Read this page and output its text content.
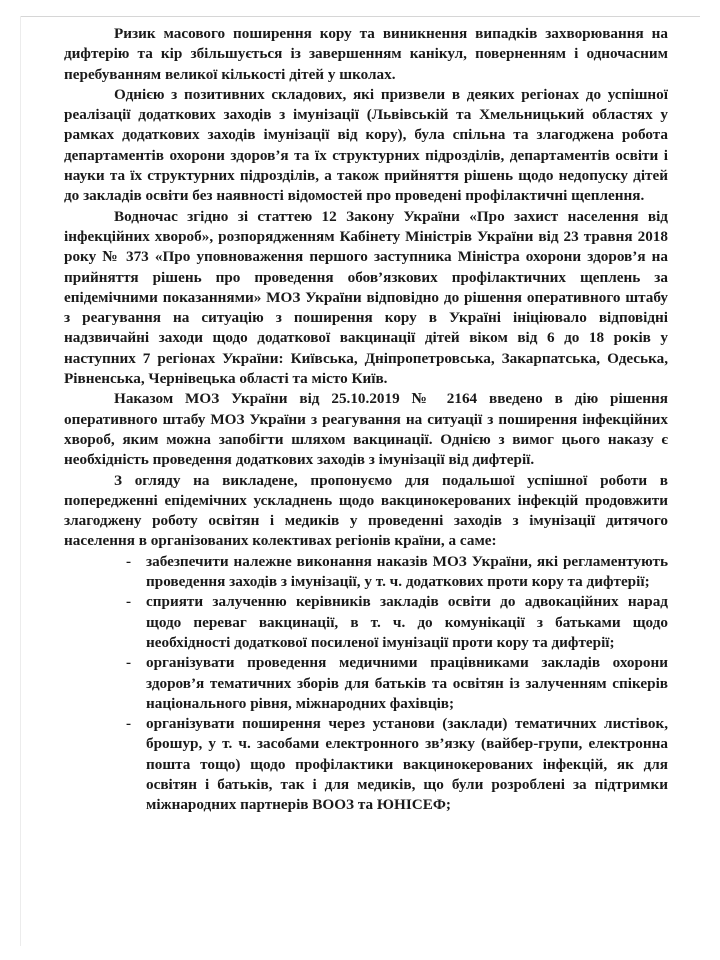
Ризик масового поширення кору та виникнення випадків захворювання на дифтерію та кір збільшується із завершенням канікул, поверненням і одночасним перебуванням великої кількості дітей у школах.

Однією з позитивних складових, які призвели в деяких регіонах до успішної реалізації додаткових заходів з імунізації (Львівській та Хмельницький областях у рамках додаткових заходів імунізації від кору), була спільна та злагоджена робота департаментів охорони здоров’я та їх структурних підрозділів, департаментів освіти і науки та їх структурних підрозділів, а також прийняття рішень щодо недопуску дітей до закладів освіти без наявності відомостей про проведені профілактичні щеплення.

Водночас згідно зі статтею 12 Закону України «Про захист населення від інфекційних хвороб», розпорядженням Кабінету Міністрів України від 23 травня 2018 року № 373 «Про уповноваження першого заступника Міністра охорони здоров’я на прийняття рішень про проведення обов’язкових профілактичних щеплень за епідемічними показаннями» МОЗ України відповідно до рішення оперативного штабу з реагування на ситуацію з поширення кору в Україні ініціювало відповідні надзвичайні заходи щодо додаткової вакцинації дітей віком від 6 до 18 років у наступних 7 регіонах України: Київська, Дніпропетровська, Закарпатська, Одеська, Рівненська, Чернівецька області та місто Київ.

Наказом МОЗ України від 25.10.2019 № 2164 введено в дію рішення оперативного штабу МОЗ України з реагування на ситуації з поширення інфекційних хвороб, яким можна запобігти шляхом вакцинації. Однією з вимог цього наказу є необхідність проведення додаткових заходів з імунізації від дифтерії.

З огляду на викладене, пропонуємо для подальшої успішної роботи в попередженні епідемічних ускладнень щодо вакцинокерованих інфекцій продовжити злагоджену роботу освітян і медиків у проведенні заходів з імунізації дитячого населення в організованих колективах регіонів країни, а саме:

- забезпечити належне виконання наказів МОЗ України, які регламентують проведення заходів з імунізації, у т. ч. додаткових проти кору та дифтерії;
- сприяти залученню керівників закладів освіти до адвокаційних нарад щодо переваг вакцинації, в т. ч. до комунікації з батьками щодо необхідності додаткової посиленої імунізації проти кору та дифтерії;
- організувати проведення медичними працівниками закладів охорони здоров’я тематичних зборів для батьків та освітян із залученням спікерів національного рівня, міжнародних фахівців;
- організувати поширення через установи (заклади) тематичних листівок, брошур, у т. ч. засобами електронного зв’язку (вайбер-групи, електронна пошта тощо) щодо профілактики вакцинокерованих інфекцій, як для освітян і батьків, так і для медиків, що були розроблені за підтримки міжнародних партнерів ВООЗ та ЮНІСЕФ;
